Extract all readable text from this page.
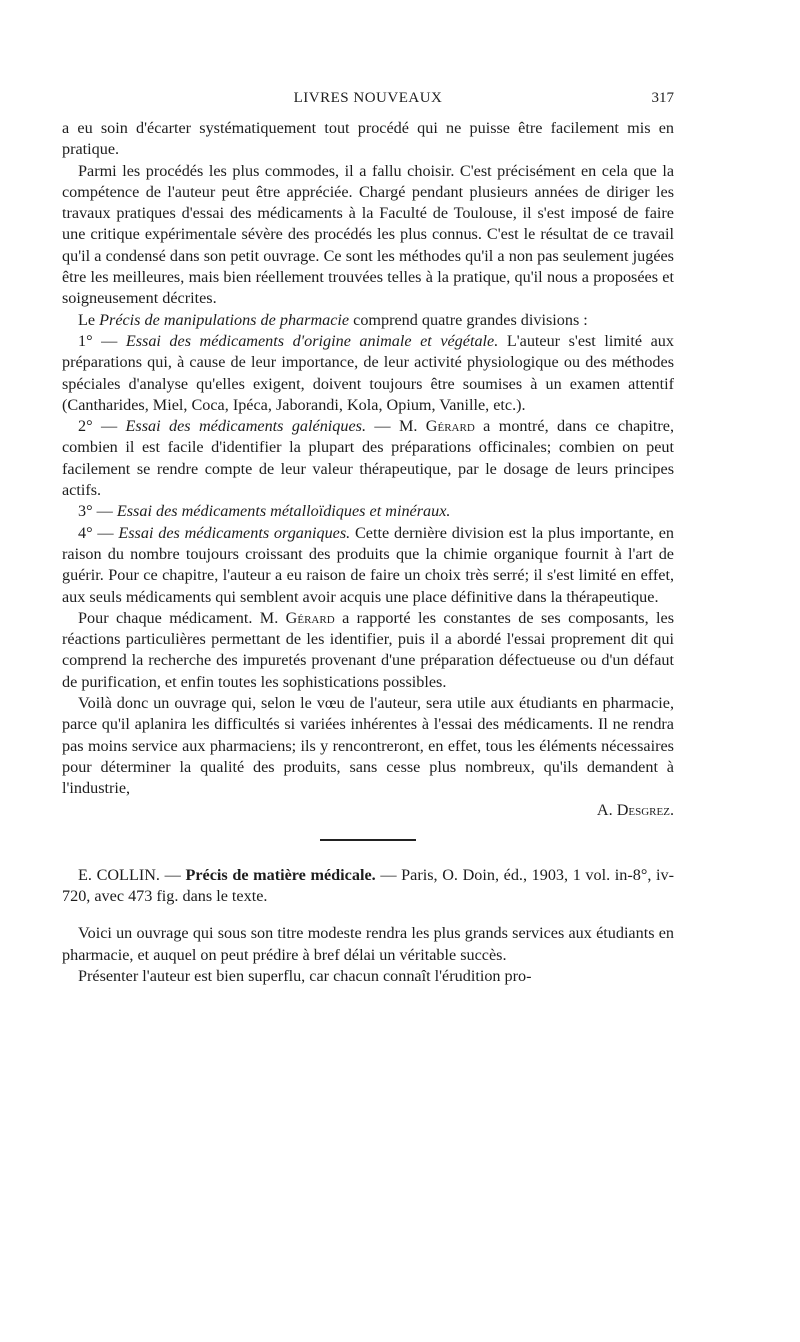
LIVRES NOUVEAUX	317

a eu soin d'écarter systématiquement tout procédé qui ne puisse être facilement mis en pratique.

Parmi les procédés les plus commodes, il a fallu choisir. C'est précisément en cela que la compétence de l'auteur peut être appréciée. Chargé pendant plusieurs années de diriger les travaux pratiques d'essai des médicaments à la Faculté de Toulouse, il s'est imposé de faire une critique expérimentale sévère des procédés les plus connus. C'est le résultat de ce travail qu'il a condensé dans son petit ouvrage. Ce sont les méthodes qu'il a non pas seulement jugées être les meilleures, mais bien réellement trouvées telles à la pratique, qu'il nous a proposées et soigneusement décrites.

Le Précis de manipulations de pharmacie comprend quatre grandes divisions :

1° — Essai des médicaments d'origine animale et végétale. L'auteur s'est limité aux préparations qui, à cause de leur importance, de leur activité physiologique ou des méthodes spéciales d'analyse qu'elles exigent, doivent toujours être soumises à un examen attentif (Cantharides, Miel, Coca, Ipéca, Jaborandi, Kola, Opium, Vanille, etc.).

2° — Essai des médicaments galéniques. — M. Gérard a montré, dans ce chapitre, combien il est facile d'identifier la plupart des préparations officinales; combien on peut facilement se rendre compte de leur valeur thérapeutique, par le dosage de leurs principes actifs.

3° — Essai des médicaments métalloïdiques et minéraux.

4° — Essai des médicaments organiques. Cette dernière division est la plus importante, en raison du nombre toujours croissant des produits que la chimie organique fournit à l'art de guérir. Pour ce chapitre, l'auteur a eu raison de faire un choix très serré; il s'est limité en effet, aux seuls médicaments qui semblent avoir acquis une place définitive dans la thérapeutique.

Pour chaque médicament. M. Gérard a rapporté les constantes de ses composants, les réactions particulières permettant de les identifier, puis il a abordé l'essai proprement dit qui comprend la recherche des impuretés provenant d'une préparation défectueuse ou d'un défaut de purification, et enfin toutes les sophistications possibles.

Voilà donc un ouvrage qui, selon le vœu de l'auteur, sera utile aux étudiants en pharmacie, parce qu'il aplanira les difficultés si variées inhérentes à l'essai des médicaments. Il ne rendra pas moins service aux pharmaciens; ils y rencontreront, en effet, tous les éléments nécessaires pour déterminer la qualité des produits, sans cesse plus nombreux, qu'ils demandent à l'industrie,

A. Desgrez.

E. COLLIN. — Précis de matière médicale. — Paris, O. Doin, éd., 1903, 1 vol. in-8°, iv-720, avec 473 fig. dans le texte.

Voici un ouvrage qui sous son titre modeste rendra les plus grands services aux étudiants en pharmacie, et auquel on peut prédire à bref délai un véritable succès.

Présenter l'auteur est bien superflu, car chacun connaît l'érudition pro-
